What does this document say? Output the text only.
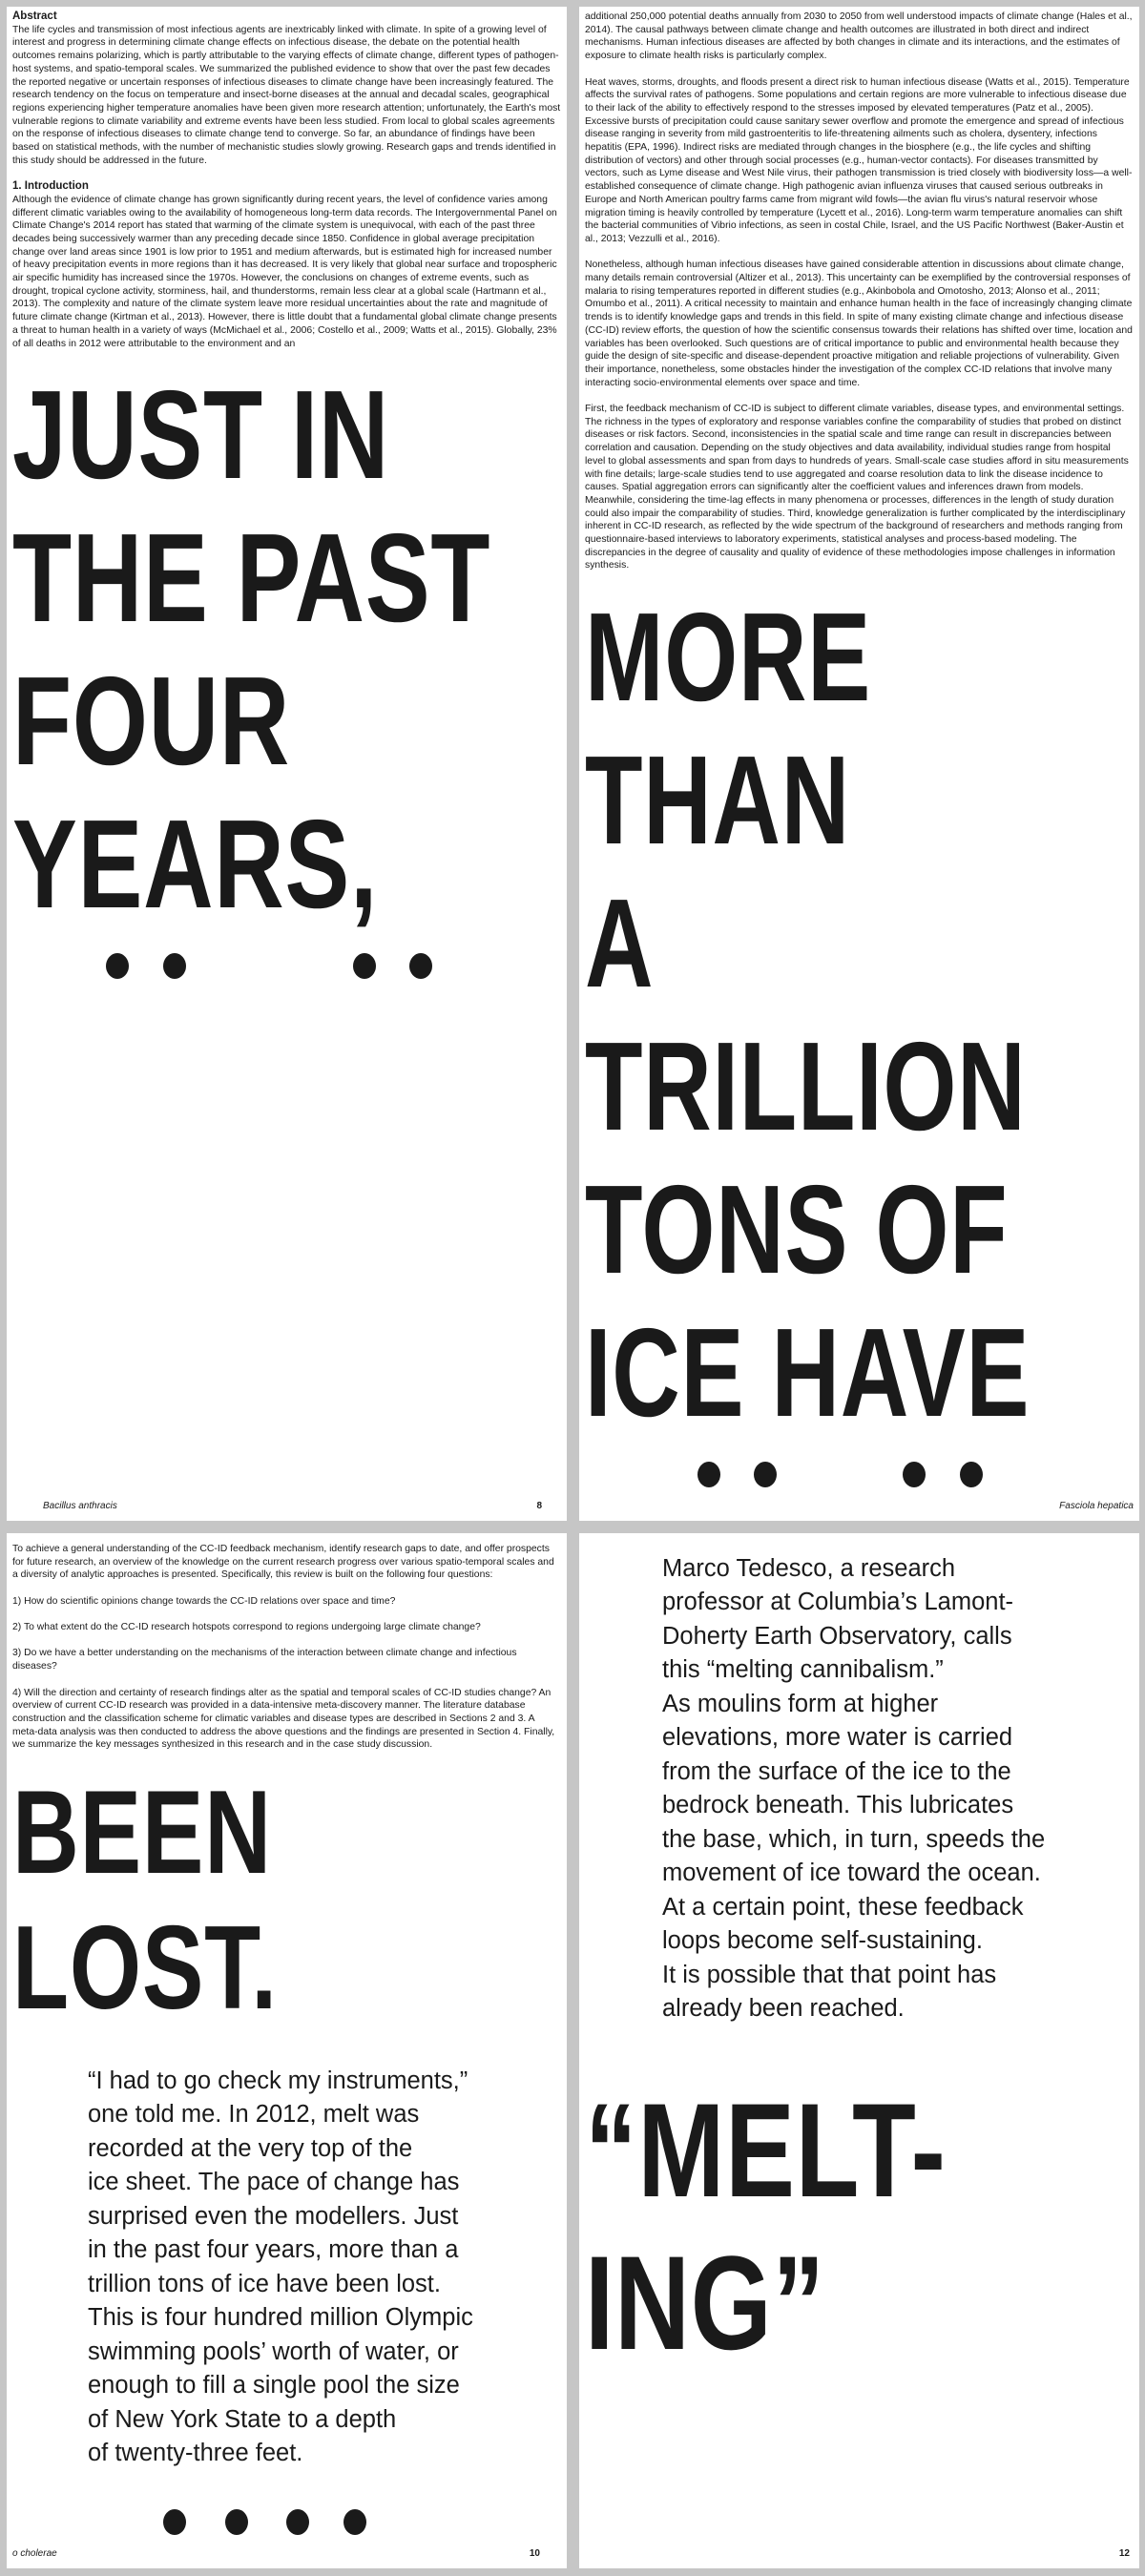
Abstract

The life cycles and transmission of most infectious agents are inextricably linked with climate. In spite of a growing level of interest and progress in determining climate change effects on infectious disease, the debate on the potential health outcomes remains polarizing, which is partly attributable to the varying effects of climate change, different types of pathogen-host systems, and spatio-temporal scales. We summarized the published evidence to show that over the past few decades the reported negative or uncertain responses of infectious diseases to climate change have been increasingly featured. The research tendency on the focus on temperature and insect-borne diseases at the annual and decadal scales, geographical regions experiencing higher temperature anomalies have been given more research attention; unfortunately, the Earth's most vulnerable regions to climate variability and extreme events have been less studied. From local to global scales agreements on the response of infectious diseases to climate change tend to converge. So far, an abundance of findings have been based on statistical methods, with the number of mechanistic studies slowly growing. Research gaps and trends identified in this study should be addressed in the future.

1. Introduction

Although the evidence of climate change has grown significantly during recent years, the level of confidence varies among different climatic variables owing to the availability of homogeneous long-term data records. The Intergovernmental Panel on Climate Change's 2014 report has stated that warming of the climate system is unequivocal, with each of the past three decades being successively warmer than any preceding decade since 1850. Confidence in global average precipitation change over land areas since 1901 is low prior to 1951 and medium afterwards, but is estimated high for increased number of heavy precipitation events in more regions than it has decreased. It is very likely that global near surface and tropospheric air specific humidity has increased since the 1970s. However, the conclusions on changes of extreme events, such as drought, tropical cyclone activity, storminess, hail, and thunderstorms, remain less clear at a global scale (Hartmann et al., 2013). The complexity and nature of the climate system leave more residual uncertainties about the rate and magnitude of future climate change (Kirtman et al., 2013). However, there is little doubt that a fundamental global climate change presents a threat to human health in a variety of ways (McMichael et al., 2006; Costello et al., 2009; Watts et al., 2015). Globally, 23% of all deaths in 2012 were attributable to the environment and an

JUST IN
THE PAST
FOUR
YEARS,
Bacillus anthracis	8

additional 250,000 potential deaths annually from 2030 to 2050 from well understood impacts of climate change (Hales et al., 2014). The causal pathways between climate change and health outcomes are illustrated in both direct and indirect mechanisms. Human infectious diseases are affected by both changes in climate and its interactions, and the estimates of exposure to climate health risks is particularly complex.

Heat waves, storms, droughts, and floods present a direct risk to human infectious disease (Watts et al., 2015). Temperature affects the survival rates of pathogens. Some populations and certain regions are more vulnerable to infectious disease due to their lack of the ability to effectively respond to the stresses imposed by elevated temperatures (Patz et al., 2005). Excessive bursts of precipitation could cause sanitary sewer overflow and promote the emergence and spread of infectious disease ranging in severity from mild gastroenteritis to life-threatening ailments such as cholera, dysentery, infections hepatitis (EPA, 1996). Indirect risks are mediated through changes in the biosphere (e.g., the life cycles and shifting distribution of vectors) and other through social processes (e.g., human-vector contacts). For diseases transmitted by vectors, such as Lyme disease and West Nile virus, their pathogen transmission is tried closely with biodiversity loss—a well-established consequence of climate change. High pathogenic avian influenza viruses that caused serious outbreaks in Europe and North American poultry farms came from migrant wild fowls—the avian flu virus's natural reservoir whose migration timing is heavily controlled by temperature (Lycett et al., 2016). Long-term warm temperature anomalies can shift the bacterial communities of Vibrio infections, as seen in costal Chile, Israel, and the US Pacific Northwest (Baker-Austin et al., 2013; Vezzulli et al., 2016).

Nonetheless, although human infectious diseases have gained considerable attention in discussions about climate change, many details remain controversial (Altizer et al., 2013). This uncertainty can be exemplified by the controversial responses of malaria to rising temperatures reported in different studies (e.g., Akinbobola and Omotosho, 2013; Alonso et al., 2011; Omumbo et al., 2011). A critical necessity to maintain and enhance human health in the face of increasingly changing climate trends is to identify knowledge gaps and trends in this field. In spite of many existing climate change and infectious disease (CC-ID) review efforts, the question of how the scientific consensus towards their relations has shifted over time, location and variables has been overlooked. Such questions are of critical importance to public and environmental health because they guide the design of site-specific and disease-dependent proactive mitigation and reliable projections of vulnerability. Given their importance, nonetheless, some obstacles hinder the investigation of the complex CC-ID relations that involve many interacting socio-environmental elements over space and time.

First, the feedback mechanism of CC-ID is subject to different climate variables, disease types, and environmental settings. The richness in the types of exploratory and response variables confine the comparability of studies that probed on distinct diseases or risk factors. Second, inconsistencies in the spatial scale and time range can result in discrepancies between correlation and causation. Depending on the study objectives and data availability, individual studies range from hospital level to global assessments and span from days to hundreds of years. Small-scale case studies afford in situ measurements with fine details; large-scale studies tend to use aggregated and coarse resolution data to link the disease incidence to causes. Spatial aggregation errors can significantly alter the coefficient values and inferences drawn from models. Meanwhile, considering the time-lag effects in many phenomena or processes, differences in the length of study duration could also impair the comparability of studies. Third, knowledge generalization is further complicated by the interdisciplinary inherent in CC-ID research, as reflected by the wide spectrum of the background of researchers and methods ranging from questionnaire-based interviews to laboratory experiments, statistical analyses and process-based modeling. The discrepancies in the degree of causality and quality of evidence of these methodologies impose challenges in information synthesis.

MORE
THAN
A
TRILLION
TONS OF
ICE HAVE
Fasciola hepatica

To achieve a general understanding of the CC-ID feedback mechanism, identify research gaps to date, and offer prospects for future research, an overview of the knowledge on the current research progress over various spatio-temporal scales and a diversity of analytic approaches is presented. Specifically, this review is built on the following four questions:

1) How do scientific opinions change towards the CC-ID relations over space and time?

2) To what extent do the CC-ID research hotspots correspond to regions undergoing large climate change?

3) Do we have a better understanding on the mechanisms of the interaction between climate change and infectious diseases?

4) Will the direction and certainty of research findings alter as the spatial and temporal scales of CC-ID studies change? An overview of current CC-ID research was provided in a data-intensive meta-discovery manner. The literature database construction and the classification scheme for climatic variables and disease types are described in Sections 2 and 3. A meta-data analysis was then conducted to address the above questions and the findings are presented in Section 4. Finally, we summarize the key messages synthesized in this research and in the case study discussion.

BEEN
LOST.
“I had to go check my instruments,”
one told me. In 2012, melt was
recorded at the very top of the
ice sheet. The pace of change has
surprised even the modellers. Just
in the past four years, more than a
trillion tons of ice have been lost.
This is four hundred million Olympic
swimming pools’ worth of water, or
enough to fill a single pool the size
of New York State to a depth
of twenty-three feet.
o cholerae	10
Marco Tedesco, a research
professor at Columbia’s Lamont-
Doherty Earth Observatory, calls
this “melting cannibalism.”
As moulins form at higher
elevations, more water is carried
from the surface of the ice to the
bedrock beneath. This lubricates
the base, which, in turn, speeds the
movement of ice toward the ocean.
At a certain point, these feedback
loops become self-sustaining.
It is possible that that point has
already been reached.
“MELT-
ING”
12
